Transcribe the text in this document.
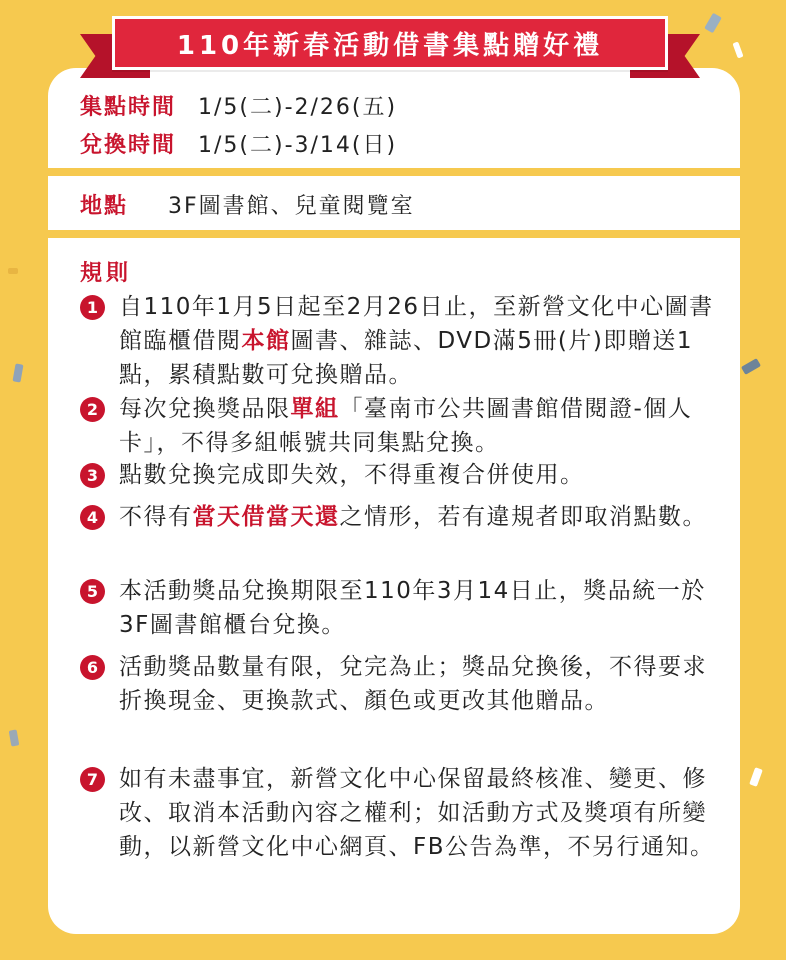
110年新春活動借書集點贈好禮
集點時間 1/5(二)-2/26(五)
兌換時間 1/5(二)-3/14(日)
地點 3F圖書館、兒童閱覽室
規則
1 自110年1月5日起至2月26日止，至新營文化中心圖書館臨櫃借閱本館圖書、雜誌、DVD滿5冊(片)即贈送1點，累積點數可兌換贈品。
2 每次兌換獎品限單組「臺南市公共圖書館借閱證-個人卡」，不得多組帳號共同集點兌換。
3 點數兌換完成即失效，不得重複合併使用。
4 不得有當天借當天還之情形，若有違規者即取消點數。
5 本活動獎品兌換期限至110年3月14日止，獎品統一於3F圖書館櫃台兌換。
6 活動獎品數量有限，兌完為止；獎品兌換後，不得要求折換現金、更換款式、顏色或更改其他贈品。
7 如有未盡事宜，新營文化中心保留最終核准、變更、修改、取消本活動內容之權利；如活動方式及獎項有所變動，以新營文化中心網頁、FB公告為準，不另行通知。
